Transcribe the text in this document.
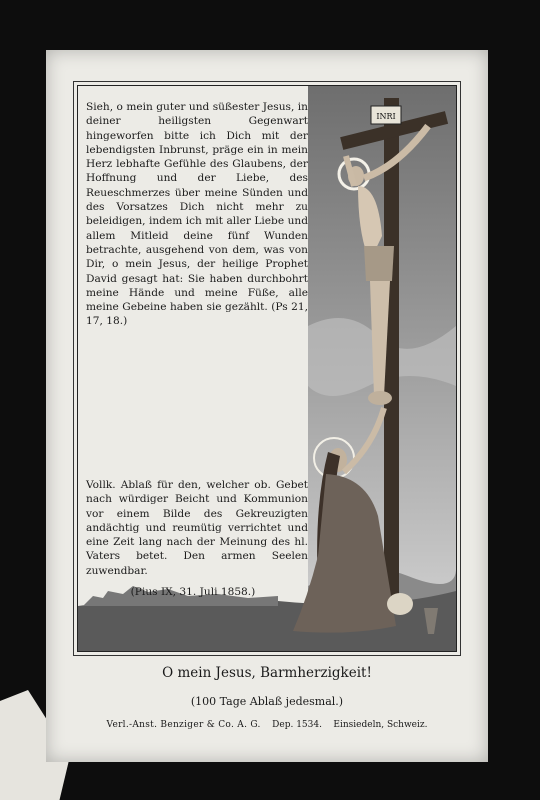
INRI

Sieh, o mein guter und süßester Jesus, in deiner heiligsten Gegenwart hingeworfen bitte ich Dich mit der lebendigsten Inbrunst, präge ein in mein Herz lebhafte Gefühle des Glaubens, der Hoffnung und der Liebe, des Reueschmerzes über meine Sünden und des Vorsatzes Dich nicht mehr zu beleidigen, indem ich mit aller Liebe und allem Mitleid deine fünf Wunden betrachte, ausgehend von dem, was von Dir, o mein Jesus, der heilige Prophet David gesagt hat: Sie haben durchbohrt meine Hände und meine Füße, alle meine Gebeine haben sie gezählt. (Ps 21, 17, 18.)

Vollk. Ablaß für den, welcher ob. Gebet nach würdiger Beicht und Kommunion vor einem Bilde des Gekreuzigten andächtig und reumütig verrichtet und eine Zeit lang nach der Meinung des hl. Vaters betet. Den armen Seelen zuwendbar.

(Pius IX, 31. Juli 1858.)

O mein Jesus, Barmherzigkeit!
(100 Tage Ablaß jedesmal.)
Verl.-Anst. Benziger & Co. A. G. Dep. 1534. Einsiedeln, Schweiz.
